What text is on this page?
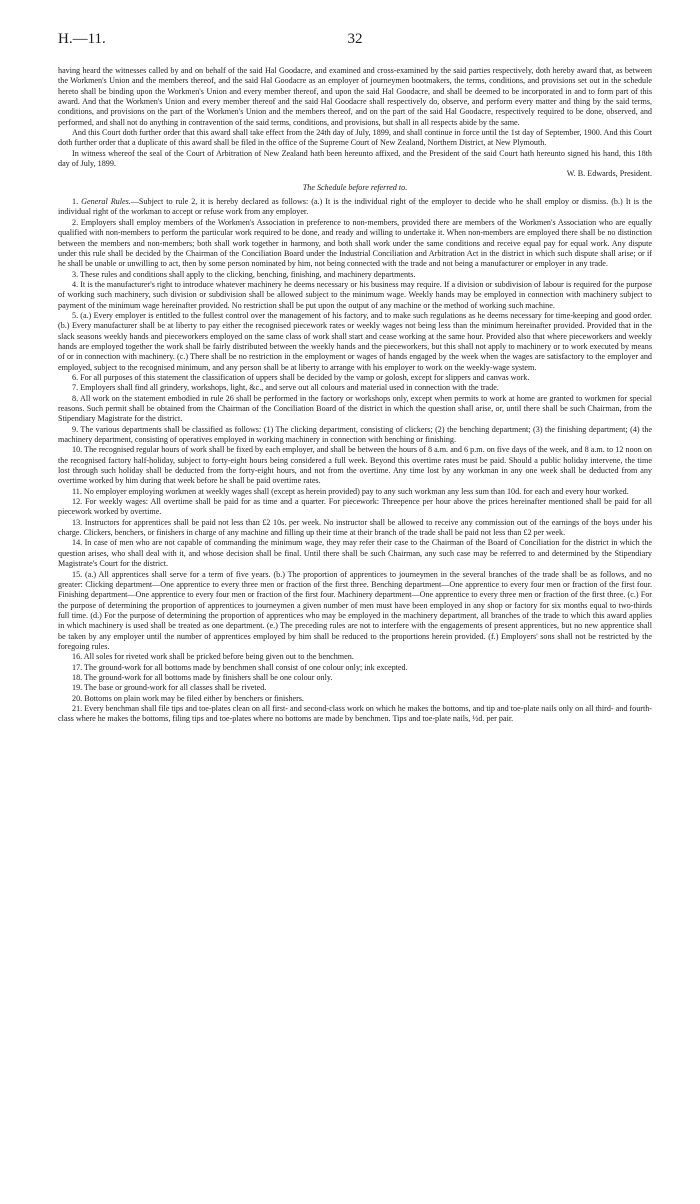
H.—11.	32

having heard the witnesses called by and on behalf of the said Hal Goodacre, and examined and cross-examined by the said parties respectively, doth hereby award that, as between the Workmen's Union and the members thereof, and the said Hal Goodacre as an employer of journeymen bootmakers, the terms, conditions, and provisions set out in the schedule hereto shall be binding upon the Workmen's Union and every member thereof, and upon the said Hal Goodacre, and shall be deemed to be incorporated in and to form part of this award. And that the Workmen's Union and every member thereof and the said Hal Goodacre shall respectively do, observe, and perform every matter and thing by the said terms, conditions, and provisions on the part of the Workmen's Union and the members thereof, and on the part of the said Hal Goodacre, respectively required to be done, observed, and performed, and shall not do anything in contravention of the said terms, conditions, and provisions, but shall in all respects abide by the same.

And this Court doth further order that this award shall take effect from the 24th day of July, 1899, and shall continue in force until the 1st day of September, 1900. And this Court doth further order that a duplicate of this award shall be filed in the office of the Supreme Court of New Zealand, Northern District, at New Plymouth.

In witness whereof the seal of the Court of Arbitration of New Zealand hath been hereunto affixed, and the President of the said Court hath hereunto signed his hand, this 18th day of July, 1899.

W. B. Edwards, President.

The Schedule before referred to.

1. General Rules.—Subject to rule 2, it is hereby declared as follows: (a.) It is the individual right of the employer to decide who he shall employ or dismiss. (b.) It is the individual right of the workman to accept or refuse work from any employer.

2. Employers shall employ members of the Workmen's Association in preference to non-members, provided there are members of the Workmen's Association who are equally qualified with non-members to perform the particular work required to be done, and ready and willing to undertake it. When non-members are employed there shall be no distinction between the members and non-members; both shall work together in harmony, and both shall work under the same conditions and receive equal pay for equal work. Any dispute under this rule shall be decided by the Chairman of the Conciliation Board under the Industrial Conciliation and Arbitration Act in the district in which such dispute shall arise; or if he shall be unable or unwilling to act, then by some person nominated by him, not being connected with the trade and not being a manufacturer or employer in any trade.

3. These rules and conditions shall apply to the clicking, benching, finishing, and machinery departments.

4. It is the manufacturer's right to introduce whatever machinery he deems necessary or his business may require. If a division or subdivision of labour is required for the purpose of working such machinery, such division or subdivision shall be allowed subject to the minimum wage. Weekly hands may be employed in connection with machinery subject to payment of the minimum wage hereinafter provided. No restriction shall be put upon the output of any machine or the method of working such machine.

5. (a.) Every employer is entitled to the fullest control over the management of his factory, and to make such regulations as he deems necessary for time-keeping and good order. (b.) Every manufacturer shall be at liberty to pay either the recognised piecework rates or weekly wages not being less than the minimum hereinafter provided. Provided that in the slack seasons weekly hands and pieceworkers employed on the same class of work shall start and cease working at the same hour. Provided also that where pieceworkers and weekly hands are employed together the work shall be fairly distributed between the weekly hands and the pieceworkers, but this shall not apply to machinery or to work executed by means of or in connection with machinery. (c.) There shall be no restriction in the employment or wages of hands engaged by the week when the wages are satisfactory to the employer and employed, subject to the recognised minimum, and any person shall be at liberty to arrange with his employer to work on the weekly-wage system.

6. For all purposes of this statement the classification of uppers shall be decided by the vamp or golosh, except for slippers and canvas work.

7. Employers shall find all grindery, workshops, light, &c., and serve out all colours and material used in connection with the trade.

8. All work on the statement embodied in rule 26 shall be performed in the factory or workshops only, except when permits to work at home are granted to workmen for special reasons. Such permit shall be obtained from the Chairman of the Conciliation Board of the district in which the question shall arise, or, until there shall be such Chairman, from the Stipendiary Magistrate for the district.

9. The various departments shall be classified as follows: (1) The clicking department, consisting of clickers; (2) the benching department; (3) the finishing department; (4) the machinery department, consisting of operatives employed in working machinery in connection with benching or finishing.

10. The recognised regular hours of work shall be fixed by each employer, and shall be between the hours of 8 a.m. and 6 p.m. on five days of the week, and 8 a.m. to 12 noon on the recognised factory half-holiday, subject to forty-eight hours being considered a full week. Beyond this overtime rates must be paid. Should a public holiday intervene, the time lost through such holiday shall be deducted from the forty-eight hours, and not from the overtime. Any time lost by any workman in any one week shall be deducted from any overtime worked by him during that week before he shall be paid overtime rates.

11. No employer employing workmen at weekly wages shall (except as herein provided) pay to any such workman any less sum than 10d. for each and every hour worked.

12. For weekly wages: All overtime shall be paid for as time and a quarter. For piecework: Threepence per hour above the prices hereinafter mentioned shall be paid for all piecework worked by overtime.

13. Instructors for apprentices shall be paid not less than £2 10s. per week. No instructor shall be allowed to receive any commission out of the earnings of the boys under his charge. Clickers, benchers, or finishers in charge of any machine and filling up their time at their branch of the trade shall be paid not less than £2 per week.

14. In case of men who are not capable of commanding the minimum wage, they may refer their case to the Chairman of the Board of Conciliation for the district in which the question arises, who shall deal with it, and whose decision shall be final. Until there shall be such Chairman, any such case may be referred to and determined by the Stipendiary Magistrate's Court for the district.

15. (a.) All apprentices shall serve for a term of five years. (b.) The proportion of apprentices to journeymen in the several branches of the trade shall be as follows, and no greater: Clicking department—One apprentice to every three men or fraction of the first three. Benching department—One apprentice to every four men or fraction of the first four. Finishing department—One apprentice to every four men or fraction of the first four. Machinery department—One apprentice to every three men or fraction of the first three. (c.) For the purpose of determining the proportion of apprentices to journeymen a given number of men must have been employed in any shop or factory for six months equal to two-thirds full time. (d.) For the purpose of determining the proportion of apprentices who may be employed in the machinery department, all branches of the trade to which this award applies in which machinery is used shall be treated as one department. (e.) The preceding rules are not to interfere with the engagements of present apprentices, but no new apprentice shall be taken by any employer until the number of apprentices employed by him shall be reduced to the proportions herein provided. (f.) Employers' sons shall not be restricted by the foregoing rules.

16. All soles for riveted work shall be pricked before being given out to the benchmen.

17. The ground-work for all bottoms made by benchmen shall consist of one colour only; ink excepted.

18. The ground-work for all bottoms made by finishers shall be one colour only.

19. The base or ground-work for all classes shall be riveted.

20. Bottoms on plain work may be filed either by benchers or finishers.

21. Every benchman shall file tips and toe-plates clean on all first- and second-class work on which he makes the bottoms, and tip and toe-plate nails only on all third- and fourth-class where he makes the bottoms, filing tips and toe-plates where no bottoms are made by benchmen. Tips and toe-plate nails, ½d. per pair.
